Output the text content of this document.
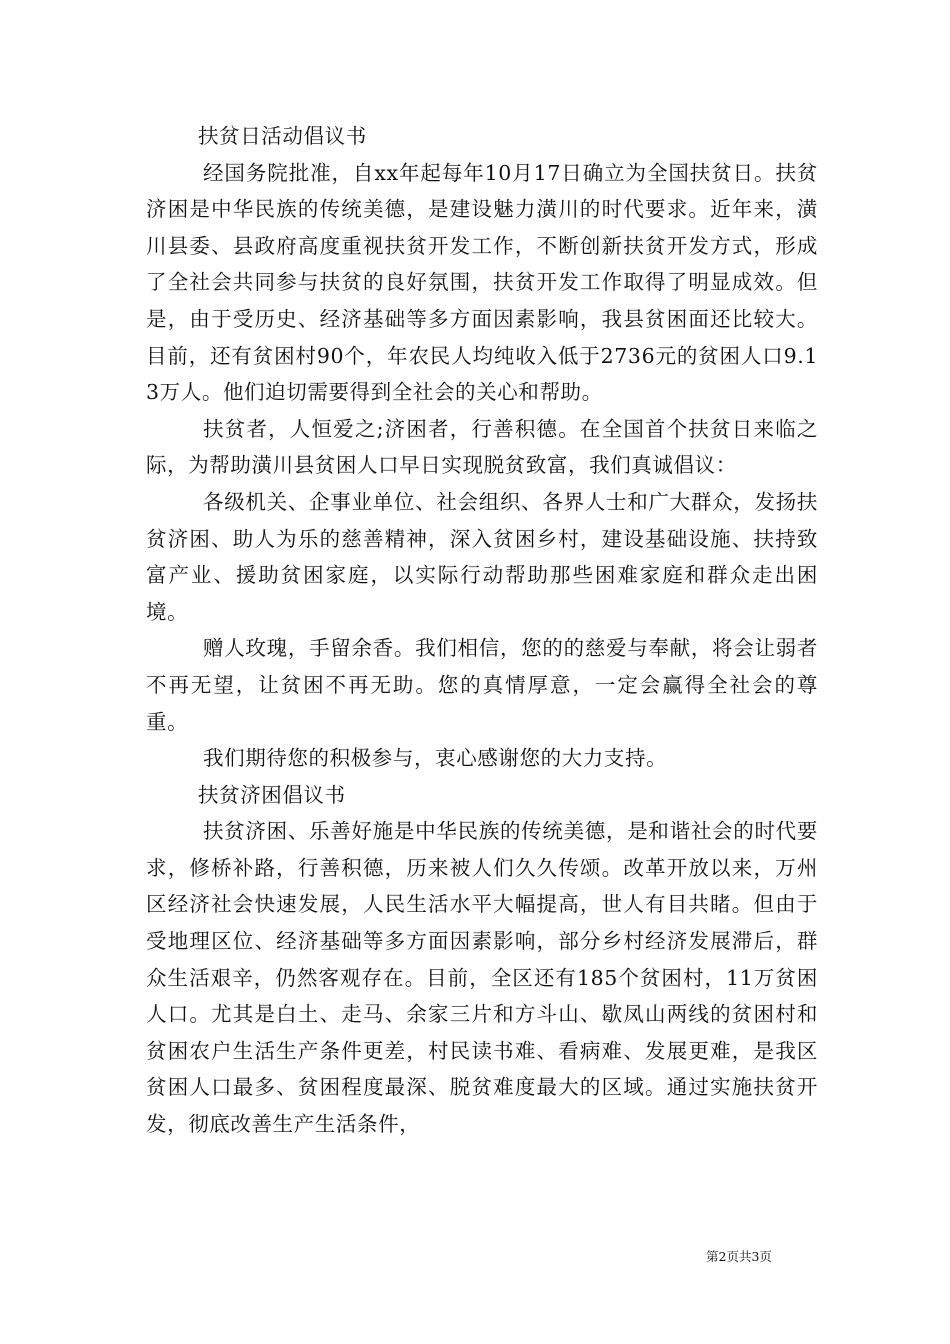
扶贫日活动倡议书

经国务院批准，自xx年起每年10月17日确立为全国扶贫日。扶贫济困是中华民族的传统美德，是建设魅力潢川的时代要求。近年来，潢川县委、县政府高度重视扶贫开发工作，不断创新扶贫开发方式，形成了全社会共同参与扶贫的良好氛围，扶贫开发工作取得了明显成效。但是，由于受历史、经济基础等多方面因素影响，我县贫困面还比较大。目前，还有贫困村90个，年农民人均纯收入低于2736元的贫困人口9.13万人。他们迫切需要得到全社会的关心和帮助。

扶贫者，人恒爱之;济困者，行善积德。在全国首个扶贫日来临之际，为帮助潢川县贫困人口早日实现脱贫致富，我们真诚倡议：

各级机关、企事业单位、社会组织、各界人士和广大群众，发扬扶贫济困、助人为乐的慈善精神，深入贫困乡村，建设基础设施、扶持致富产业、援助贫困家庭，以实际行动帮助那些困难家庭和群众走出困境。

赠人玫瑰，手留余香。我们相信，您的的慈爱与奉献，将会让弱者不再无望，让贫困不再无助。您的真情厚意，一定会赢得全社会的尊重。

我们期待您的积极参与，衷心感谢您的大力支持。

扶贫济困倡议书

扶贫济困、乐善好施是中华民族的传统美德，是和谐社会的时代要求，修桥补路，行善积德，历来被人们久久传颂。改革开放以来，万州区经济社会快速发展，人民生活水平大幅提高，世人有目共睹。但由于受地理区位、经济基础等多方面因素影响，部分乡村经济发展滞后，群众生活艰辛，仍然客观存在。目前，全区还有185个贫困村，11万贫困人口。尤其是白土、走马、余家三片和方斗山、歇凤山两线的贫困村和贫困农户生活生产条件更差，村民读书难、看病难、发展更难，是我区贫困人口最多、贫困程度最深、脱贫难度最大的区域。通过实施扶贫开发，彻底改善生产生活条件，

第2页共3页
